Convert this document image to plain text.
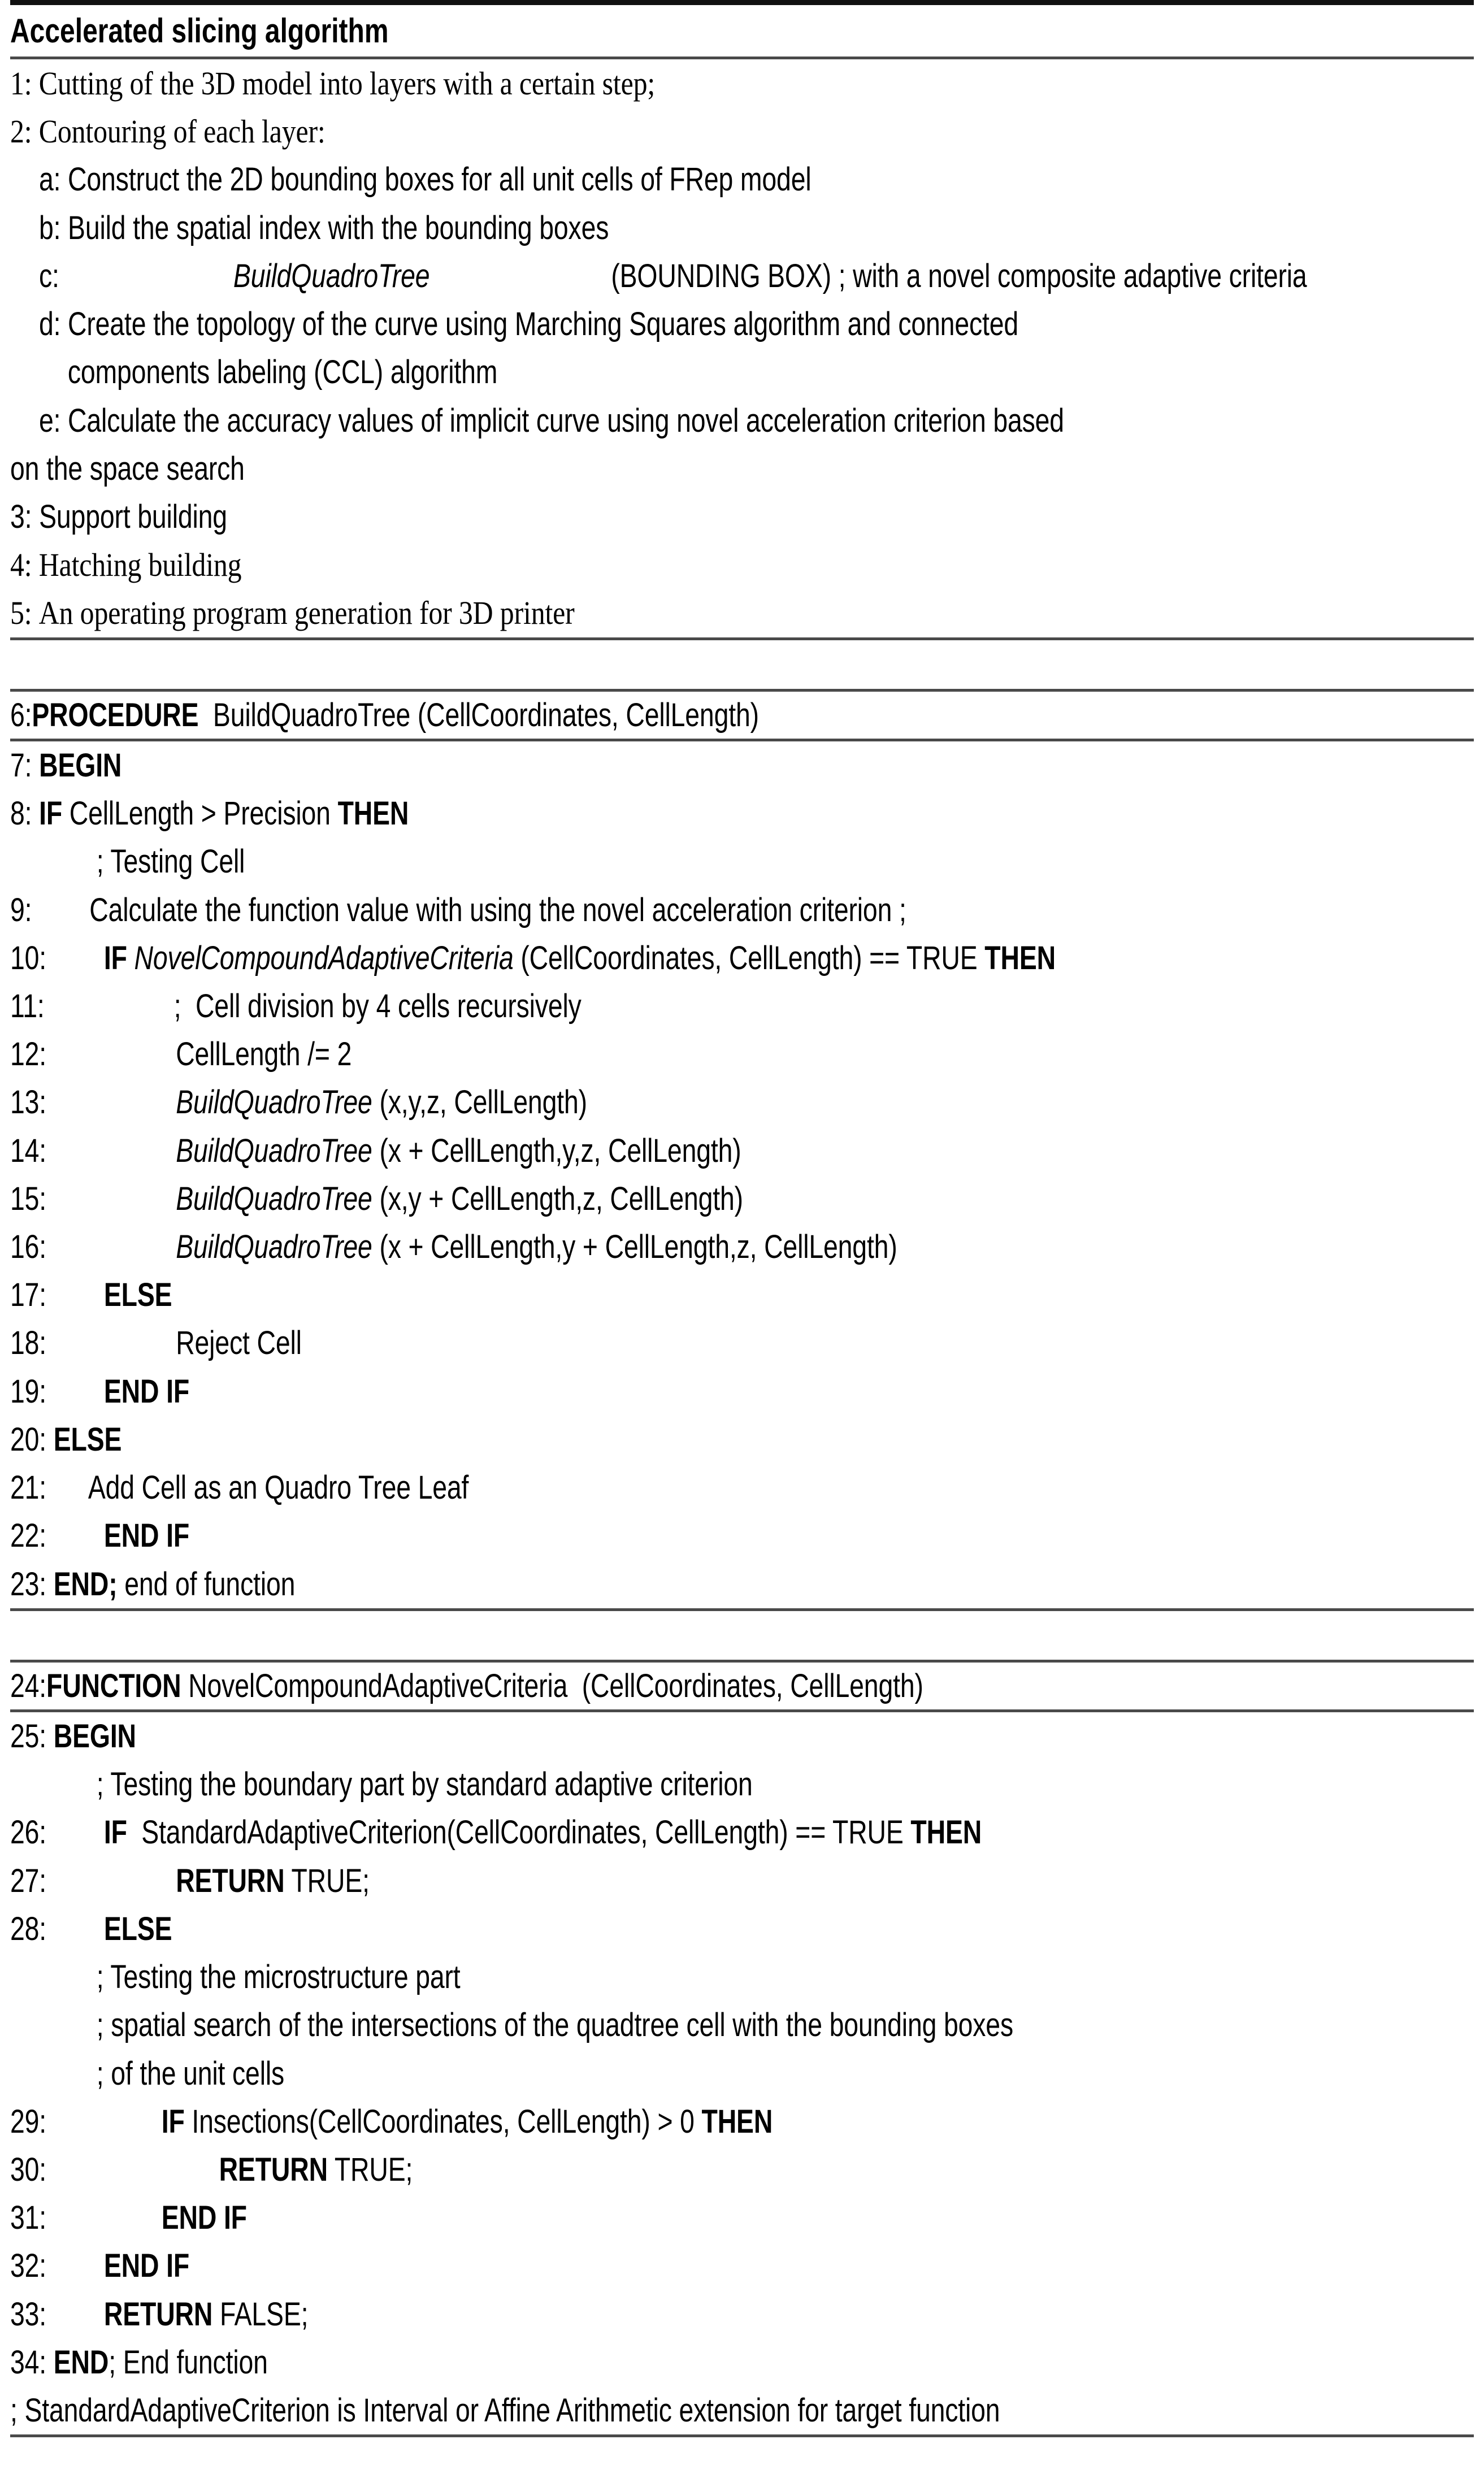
Accelerated slicing algorithm
1: Cutting of the 3D model into layers with a certain step;
2: Contouring of each layer:
a: Construct the 2D bounding boxes for all unit cells of FRep model
b: Build the spatial index with the bounding boxes
c:	BuildQuadroTree	(BOUNDING BOX) ; with a novel composite adaptive criteria
d: Create the topology of the curve using Marching Squares algorithm and connected
components labeling (CCL) algorithm
e: Calculate the accuracy values of implicit curve using novel acceleration criterion based
on the space search
3: Support building
4: Hatching building
5: An operating program generation for 3D printer
6: PROCEDURE BuildQuadroTree (CellCoordinates, CellLength)
7:
BEGIN
8:
IF CellLength > Precision THEN
; Testing Cell
9: Calculate the function value with using the novel acceleration criterion ;
10:
IF
NovelCompoundAdaptiveCriteria (CellCoordinates, CellLength) == TRUE THEN
11: ;  Cell division by 4 cells recursively
12: CellLength /= 2
13:
	BuildQuadroTree (x,y,z, CellLength)
14:
	BuildQuadroTree (x + CellLength,y,z, CellLength)
15:
	BuildQuadroTree (x,y + CellLength,z, CellLength)
16:
	BuildQuadroTree (x + CellLength,y + CellLength,z, CellLength)
17:
ELSE
18: Reject Cell
19:
END IF
20:
ELSE
21: Add Cell as an Quadro Tree Leaf
22:
END IF
23:
END; end of function
24: FUNCTION NovelCompoundAdaptiveCriteria  (CellCoordinates, CellLength)
25:
BEGIN
; Testing the boundary part by standard adaptive criterion
26:
IF StandardAdaptiveCriterion(CellCoordinates, CellLength) == TRUE THEN
27:
	RETURN TRUE;
28:
ELSE
; Testing the microstructure part
; spatial search of the intersections of the quadtree cell with the bounding boxes
; of the unit cells
29:
	IF Insections(CellCoordinates, CellLength) > 0 THEN
30:
	RETURN TRUE;
31:
	END IF
32:
END IF
33:
RETURN FALSE;
34:
END ; End function
; StandardAdaptiveCriterion is Interval or Affine Arithmetic extension for target function
